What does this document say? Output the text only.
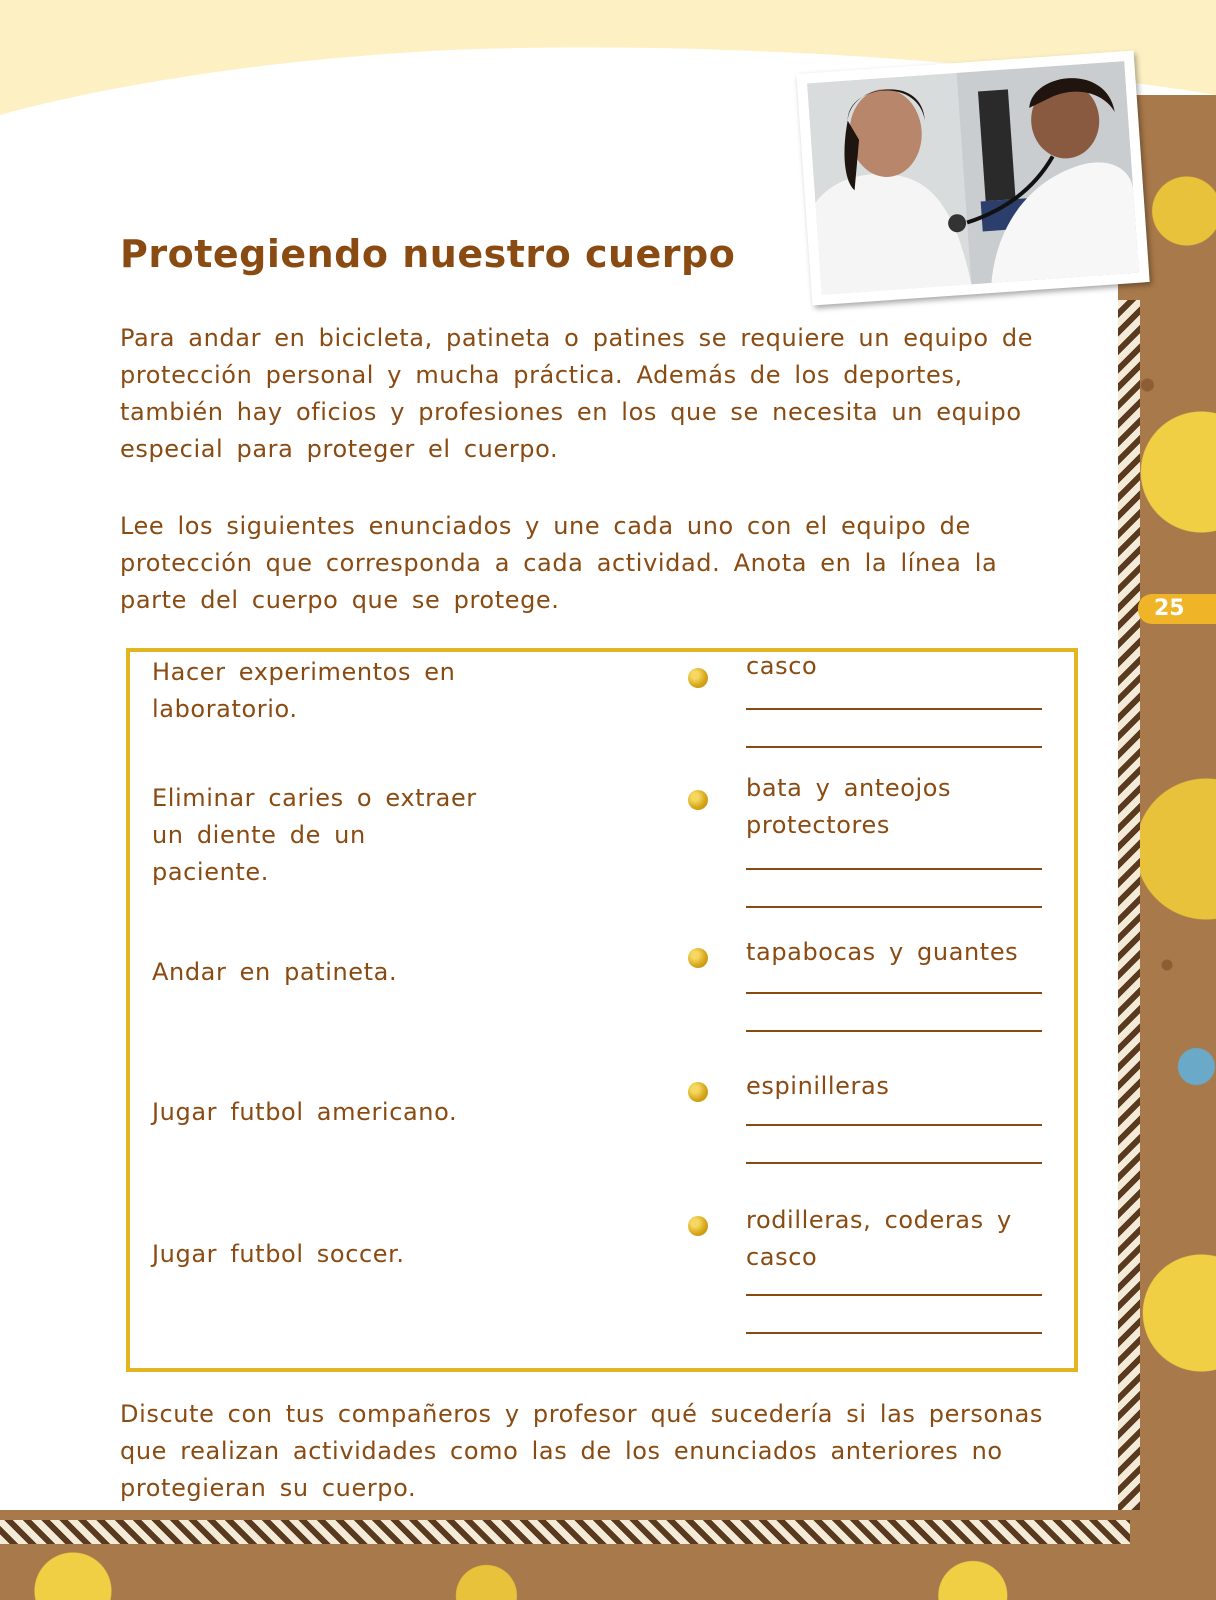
25
Protegiendo nuestro cuerpo

Para andar en bicicleta, patineta o patines se requiere un equipo de protección personal y mucha práctica. Además de los deportes, también hay oficios y profesiones en los que se necesita un equipo especial para proteger el cuerpo.

Lee los siguientes enunciados y une cada uno con el equipo de protección que corresponda a cada actividad. Anota en la línea la parte del cuerpo que se protege.

Hacer experimentos en laboratorio.

Eliminar caries o extraer un diente de un paciente.

Andar en patineta.

Jugar futbol americano.

Jugar futbol soccer.

casco

bata y anteojos protectores

tapabocas y guantes

espinilleras

rodilleras, coderas y casco

Discute con tus compañeros y profesor qué sucedería si las personas que realizan actividades como las de los enunciados anteriores no protegieran su cuerpo.
